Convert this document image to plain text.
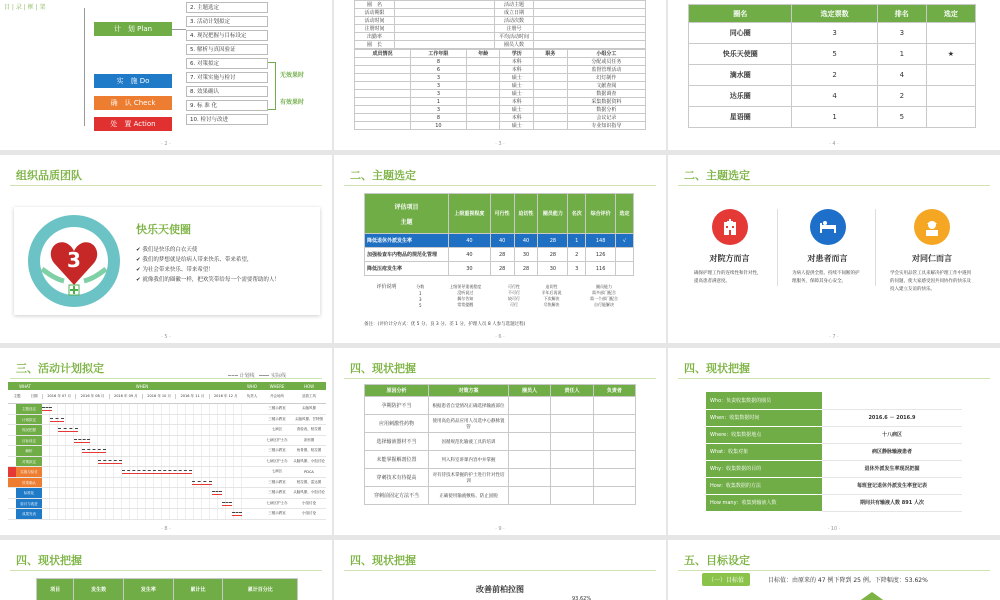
目 | 录 | 框 | 架
计　划 Plan
实　施 Do
确　认 Check
处　置 Action
2. 主题选定
3. 活动计划拟定
4. 现况把握与目标设定
5. 解析与真因验证
6. 对策拟定
7. 对策实施与检讨
8. 效果确认
9. 标 准 化
10. 检讨与改进
无效果时
有效果时
· 2 ·
圈　名		活动主题	
活动期限		成立日期	
活动时间		活动次数	
注册时间		注册号	
出勤率		平均活动时间	
圈　长		圈员人数	
成员情况	工作年限	年龄	学历	职务	小组分工
	8		本科		分配或员任务
	6		本科		监督管理活动
	3		硕士		幻灯制作
	3		硕士		文献查阅
	3		硕士		数据调查
	1		本科		采集数据资料
	3		硕士		数据分析
	8		本科		会议记录
	10		硕士		专业知识指导
· 3 ·
圈名	选定票数	排名	选定
同心圈	3	3	
快乐天使圈	5	1	★
滴水圈	2	4	
达乐圈	4	2	
星语圈	1	5	
· 4 ·
组织品质团队
3
快乐天使圈
✔ 我们是快乐的白衣天使
✔ 我们的梦想就是给病人带来快乐、带来希望，
✔ 为社会带来快乐、带来希望！
✔ 就像我们的圈徽一样，把欢笑带给每一个需要帮助的人！
· 5 ·
二、主题选定
评估项目
主题	上级重视程度	可行性	迫切性	圈员能力	名次	综合评价	选定
降低退休外派发生率	40	40	40	28	1	148	√
加强检查车内物品的规范化管理	40	28	30	28	2	126	
降低压疮发生率	30	28	28	30	3	116	
评价说明	分数	上级领导重视程度	可行性	迫切性	圈员能力
	1	没听说过	不可行	半年后再说	需多部门配合
	3	偶尔告知	较可行	下次解决	需一个部门配合
	5	常常提醒	可行	尽快解决	自行能解决
备注：(评价计分方式：优 5 分、良 3 分、差 1 分，护理人员 8 人参与选题过程)
· 6 ·
二、主题选定
对院方而言
确保护理工作的连续性和针对性，提高患者满意度。
对患者而言
为病人提供全程、持续不间断的护理服务，保障其身心安全。
对同仁而言
学会实用品管工具来解决护理工作中遇到的问题，使大家感受因共同协作的快乐及投入建立友谊的快乐。
· 7 ·
三、活动计划拟定
计划线	实际线
WHAT	WHEN	WHO	WHERE	HOW
主题	日期	2016 年 07 月	2016 年 08 月	2016 年 09 月	2016 年 10 月	2016 年 11 月	2016 年 12 月	负责人	开会场所	品管工具
主题选定	三楼示教室	头脑风暴
计划拟定	三楼示教室	头脑风暴、甘特图
现况把握	七病区	查检表、柏拉图
目标设定	七病区护士办	条形图
解析	三楼示教室	鱼骨图、柏拉图
对策拟定	七病区护士办	头脑风暴、小组讨论
实施与检讨	七病区	PDCA
效果确认	三楼示教室	柏拉图、雷达图
标准化	三楼示教室	头脑风暴、小组讨论
检讨与改进	七病区护士办	小组讨论
成果发表	三楼示教室	小组讨论
· 8 ·
四、现状把握
原因分析	对策方案	圈员人	责任人	负责者
孕期防护不当	根据患者自觉情况正确选择输液部位			
应用刺激性药物	使用高危药品应用人员选中心静脉置管			
选择输液器材不当	因循规范化输液工具的培训			
未能掌握解剖位置	列入科室讲课内容中并掌握			
穿刺技术有待提高	对有待技术掌握的护士进行针对性培训			
穿刺前固定方法不当	正确使用输液敷贴、防止固脱			
· 9 ·
四、现状把握
Who：负责收集数据的圈员	
When：收集数据时间	2016.6 － 2016.9
Where：收集数据地点	十八病区
What：收集对象	病区静脉输液患者
Why：收集数据的目的	退休外派发生率现况把握
How：收集数据的方法	每班登记退休外派发生率登记表
How many：收集到输液人数	期间共有输液人数 891 人次
· 10 ·
四、现状把握
项目	发生数	发生率	累计比	累计百分比
四、现状把握
改善前柏拉图
93.62%
五、目标设定
（一）目标值	目标值：由原来的 47 例下降到 25 例。下降幅度：53.62%
